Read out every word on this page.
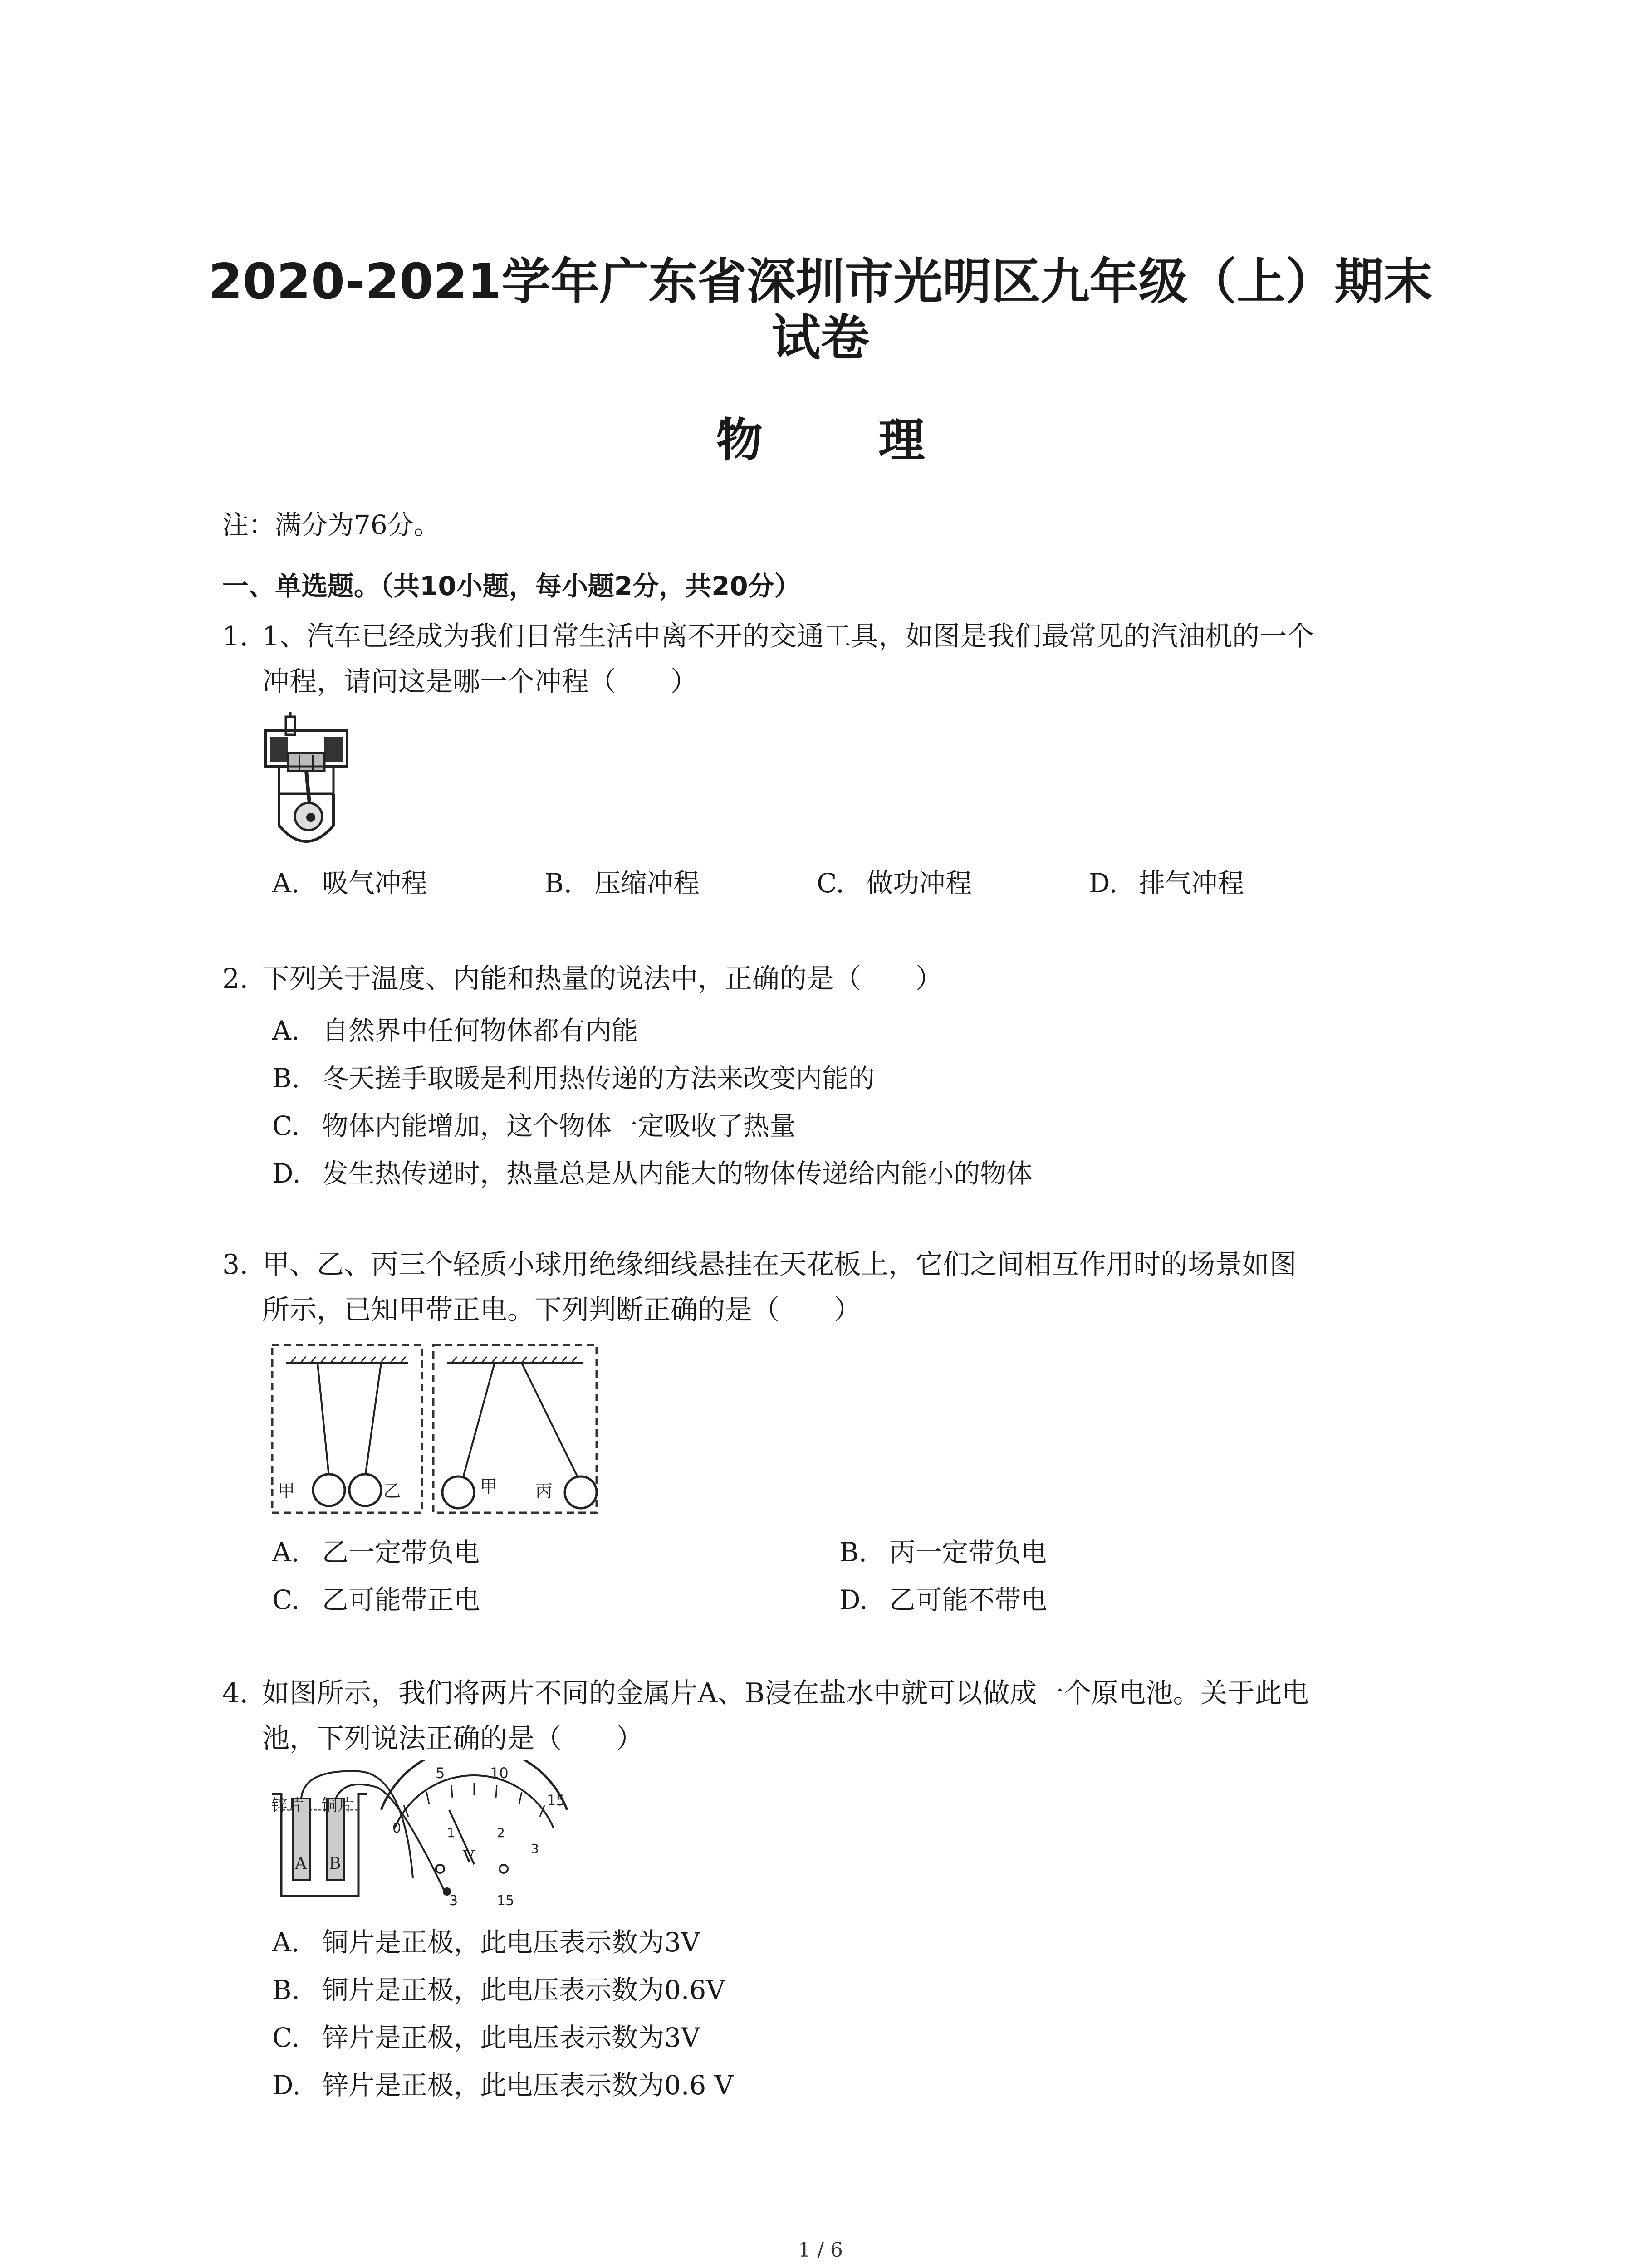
2020-2021学年广东省深圳市光明区九年级（上）期末
试卷
物 理
注：满分为76分。
一、单选题。（共10小题，每小题2分，共20分）
1. 1、汽车已经成为我们日常生活中离不开的交通工具，如图是我们最常见的汽油机的一个
冲程，请问这是哪一个冲程（　　）
A. 吸气冲程	B. 压缩冲程	C. 做功冲程	D. 排气冲程
2. 下列关于温度、内能和热量的说法中，正确的是（　　）
A. 自然界中任何物体都有内能
B. 冬天搓手取暖是利用热传递的方法来改变内能的
C. 物体内能增加，这个物体一定吸收了热量
D. 发生热传递时，热量总是从内能大的物体传递给内能小的物体
3. 甲、乙、丙三个轻质小球用绝缘细线悬挂在天花板上，它们之间相互作用时的场景如图
所示，已知甲带正电。下列判断正确的是（　　）
甲	乙	甲 丙
A. 乙一定带负电	B. 丙一定带负电
C. 乙可能带正电	D. 乙可能不带电
4. 如图所示，我们将两片不同的金属片A、B浸在盐水中就可以做成一个原电池。关于此电
池，下列说法正确的是（　　）
锌片 铜片
A B
0
5	10
15
1	2
3
V
3	15
A. 铜片是正极，此电压表示数为3V
B. 铜片是正极，此电压表示数为0.6V
C. 锌片是正极，此电压表示数为3V
D. 锌片是正极，此电压表示数为0.6 V
1 / 6
